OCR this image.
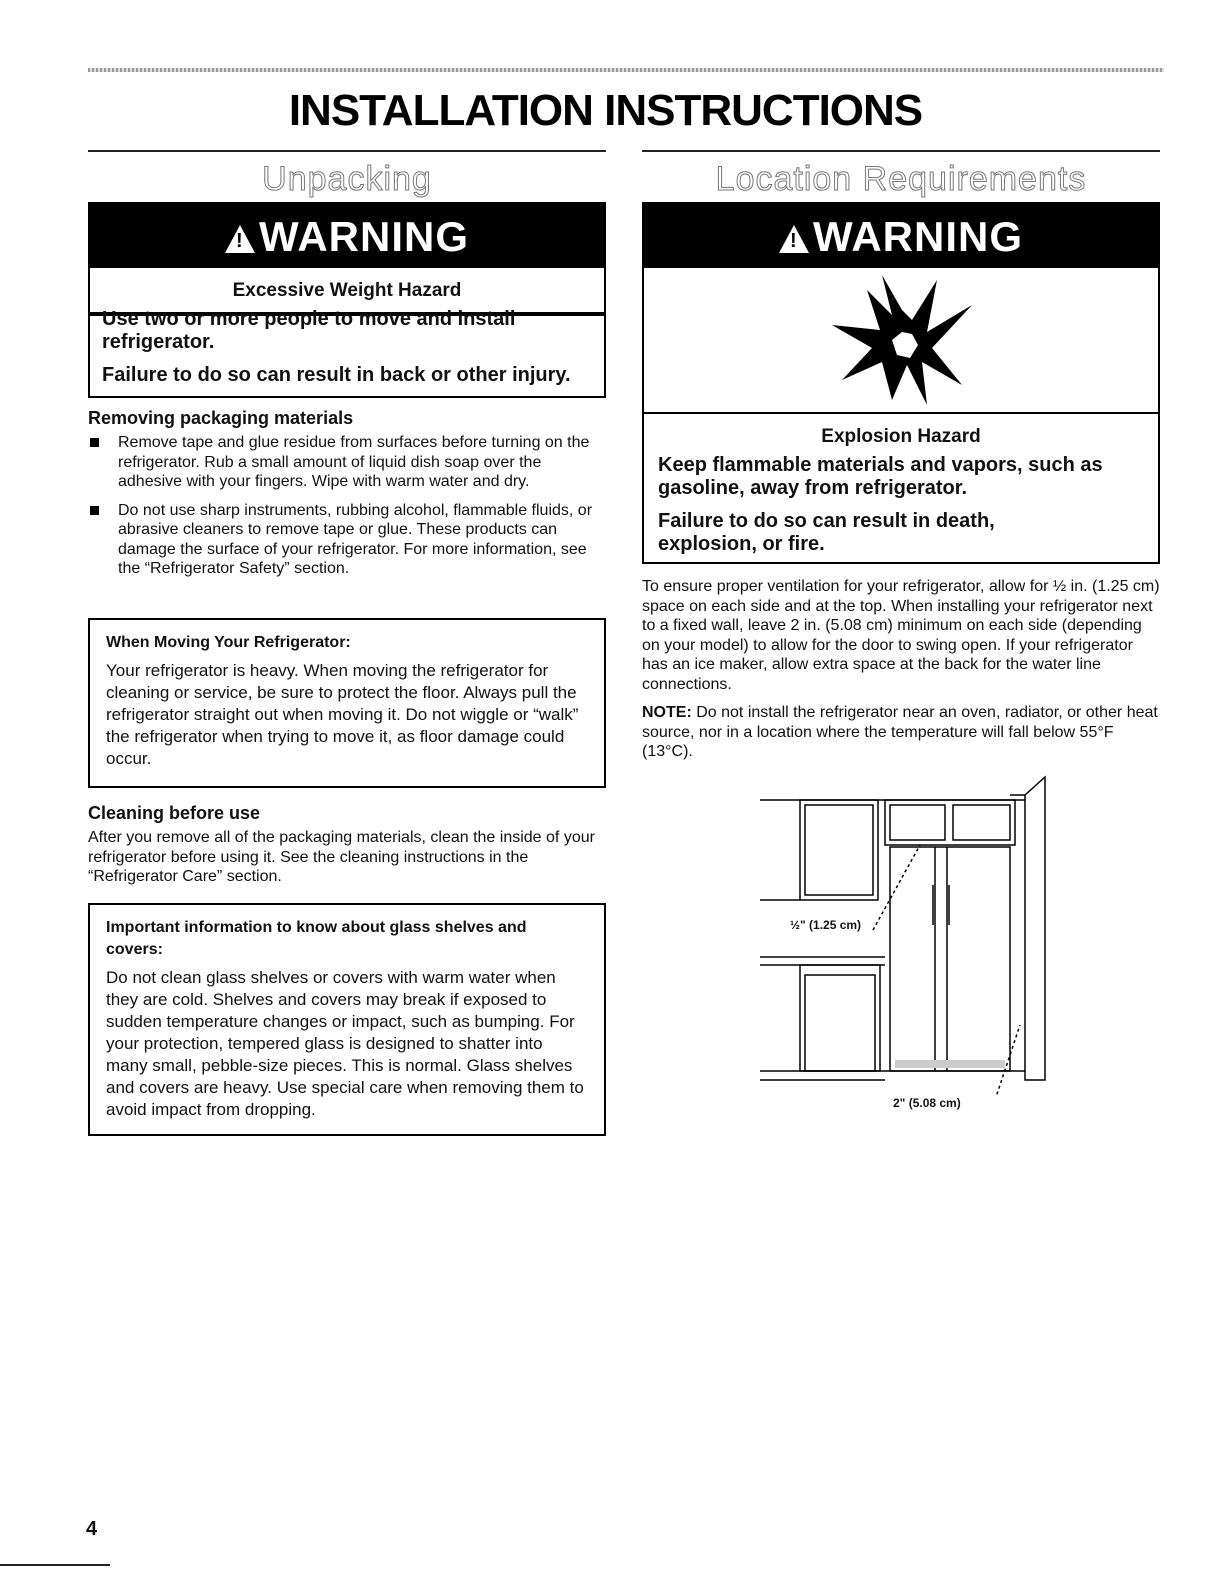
INSTALLATION INSTRUCTIONS
Unpacking
!WARNING
Excessive Weight Hazard
Use two or more people to move and install refrigerator.
Failure to do so can result in back or other injury.
Removing packaging materials
Remove tape and glue residue from surfaces before turning on the refrigerator. Rub a small amount of liquid dish soap over the adhesive with your fingers. Wipe with warm water and dry.
Do not use sharp instruments, rubbing alcohol, flammable fluids, or abrasive cleaners to remove tape or glue. These products can damage the surface of your refrigerator. For more information, see the “Refrigerator Safety” section.
When Moving Your Refrigerator:
Your refrigerator is heavy. When moving the refrigerator for cleaning or service, be sure to protect the floor. Always pull the refrigerator straight out when moving it. Do not wiggle or “walk” the refrigerator when trying to move it, as floor damage could occur.
Cleaning before use
After you remove all of the packaging materials, clean the inside of your refrigerator before using it. See the cleaning instructions in the “Refrigerator Care” section.
Important information to know about glass shelves and covers:
Do not clean glass shelves or covers with warm water when they are cold. Shelves and covers may break if exposed to sudden temperature changes or impact, such as bumping. For your protection, tempered glass is designed to shatter into many small, pebble-size pieces. This is normal. Glass shelves and covers are heavy. Use special care when removing them to avoid impact from dropping.
Location Requirements
!WARNING
Explosion Hazard
Keep flammable materials and vapors, such as gasoline, away from refrigerator.
Failure to do so can result in death, explosion, or fire.
To ensure proper ventilation for your refrigerator, allow for ½ in. (1.25 cm) space on each side and at the top. When installing your refrigerator next to a fixed wall, leave 2 in. (5.08 cm) minimum on each side (depending on your model) to allow for the door to swing open. If your refrigerator has an ice maker, allow extra space at the back for the water line connections.
NOTE: Do not install the refrigerator near an oven, radiator, or other heat source, nor in a location where the temperature will fall below 55°F (13°C).
½" (1.25 cm)
2" (5.08 cm)
4
